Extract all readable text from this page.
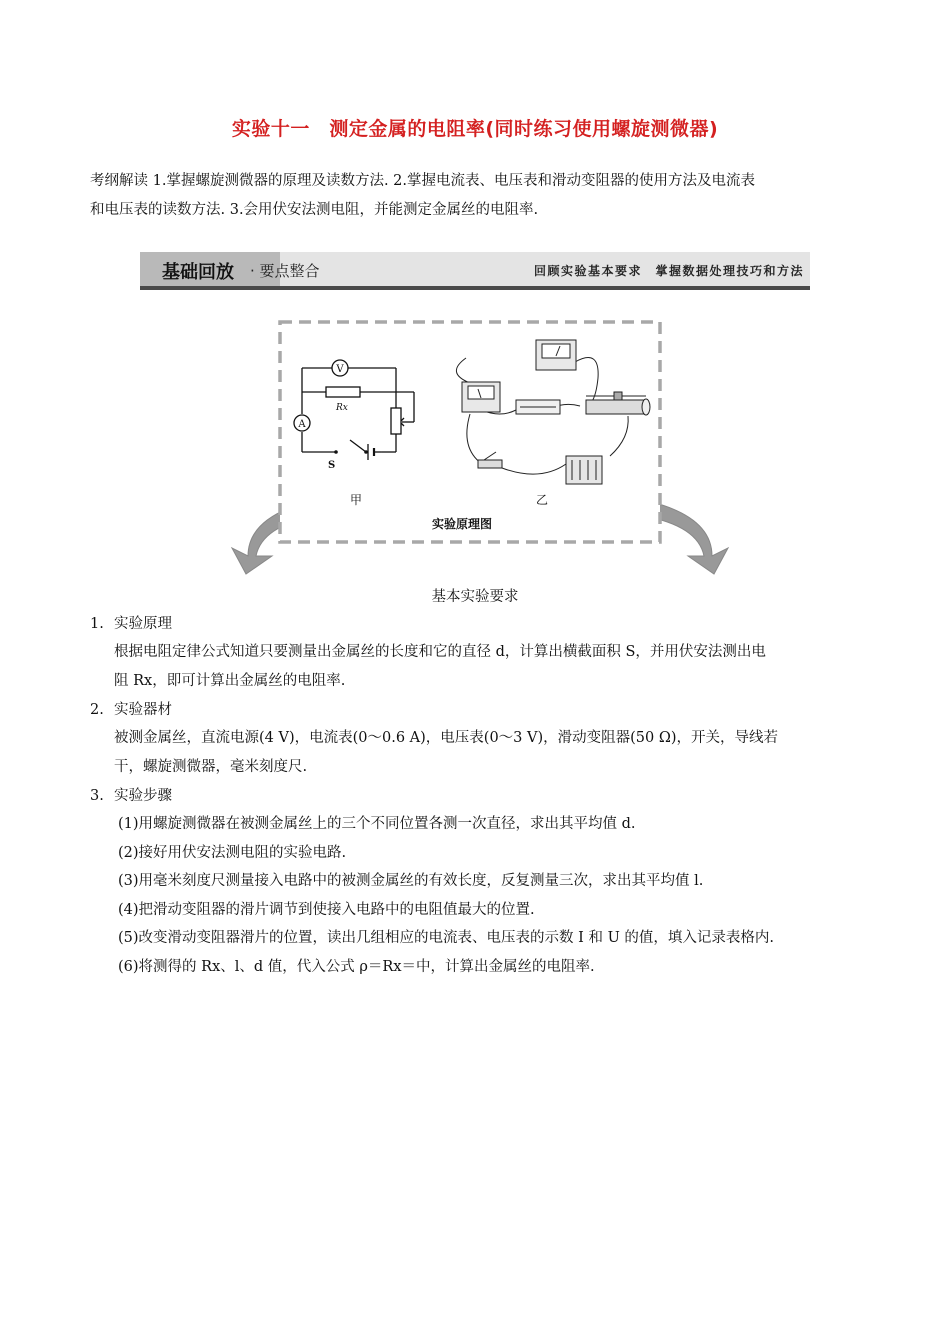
实验十一　测定金属的电阻率(同时练习使用螺旋测微器)
考纲解读 1.掌握螺旋测微器的原理及读数方法. 2.掌握电流表、电压表和滑动变阻器的使用方法及电流表
和电压表的读数方法. 3.会用伏安法测电阻，并能测定金属丝的电阻率.
基础回放 · 要点整合	回顾实验基本要求　掌握数据处理技巧和方法
V
Rx
A
S
甲	乙
实验原理图
基本实验要求
1. 实验原理
根据电阻定律公式知道只要测量出金属丝的长度和它的直径 d，计算出横截面积 S，并用伏安法测出电
阻 Rx，即可计算出金属丝的电阻率.
2. 实验器材
被测金属丝，直流电源(4 V)，电流表(0～0.6 A)，电压表(0～3 V)，滑动变阻器(50 Ω)，开关，导线若
干，螺旋测微器，毫米刻度尺.
3. 实验步骤
(1)用螺旋测微器在被测金属丝上的三个不同位置各测一次直径，求出其平均值 d.
(2)接好用伏安法测电阻的实验电路.
(3)用毫米刻度尺测量接入电路中的被测金属丝的有效长度，反复测量三次，求出其平均值 l.
(4)把滑动变阻器的滑片调节到使接入电路中的电阻值最大的位置.
(5)改变滑动变阻器滑片的位置，读出几组相应的电流表、电压表的示数 I 和 U 的值，填入记录表格内.
(6)将测得的 Rx、l、d 值，代入公式 ρ＝Rx＝中，计算出金属丝的电阻率.
